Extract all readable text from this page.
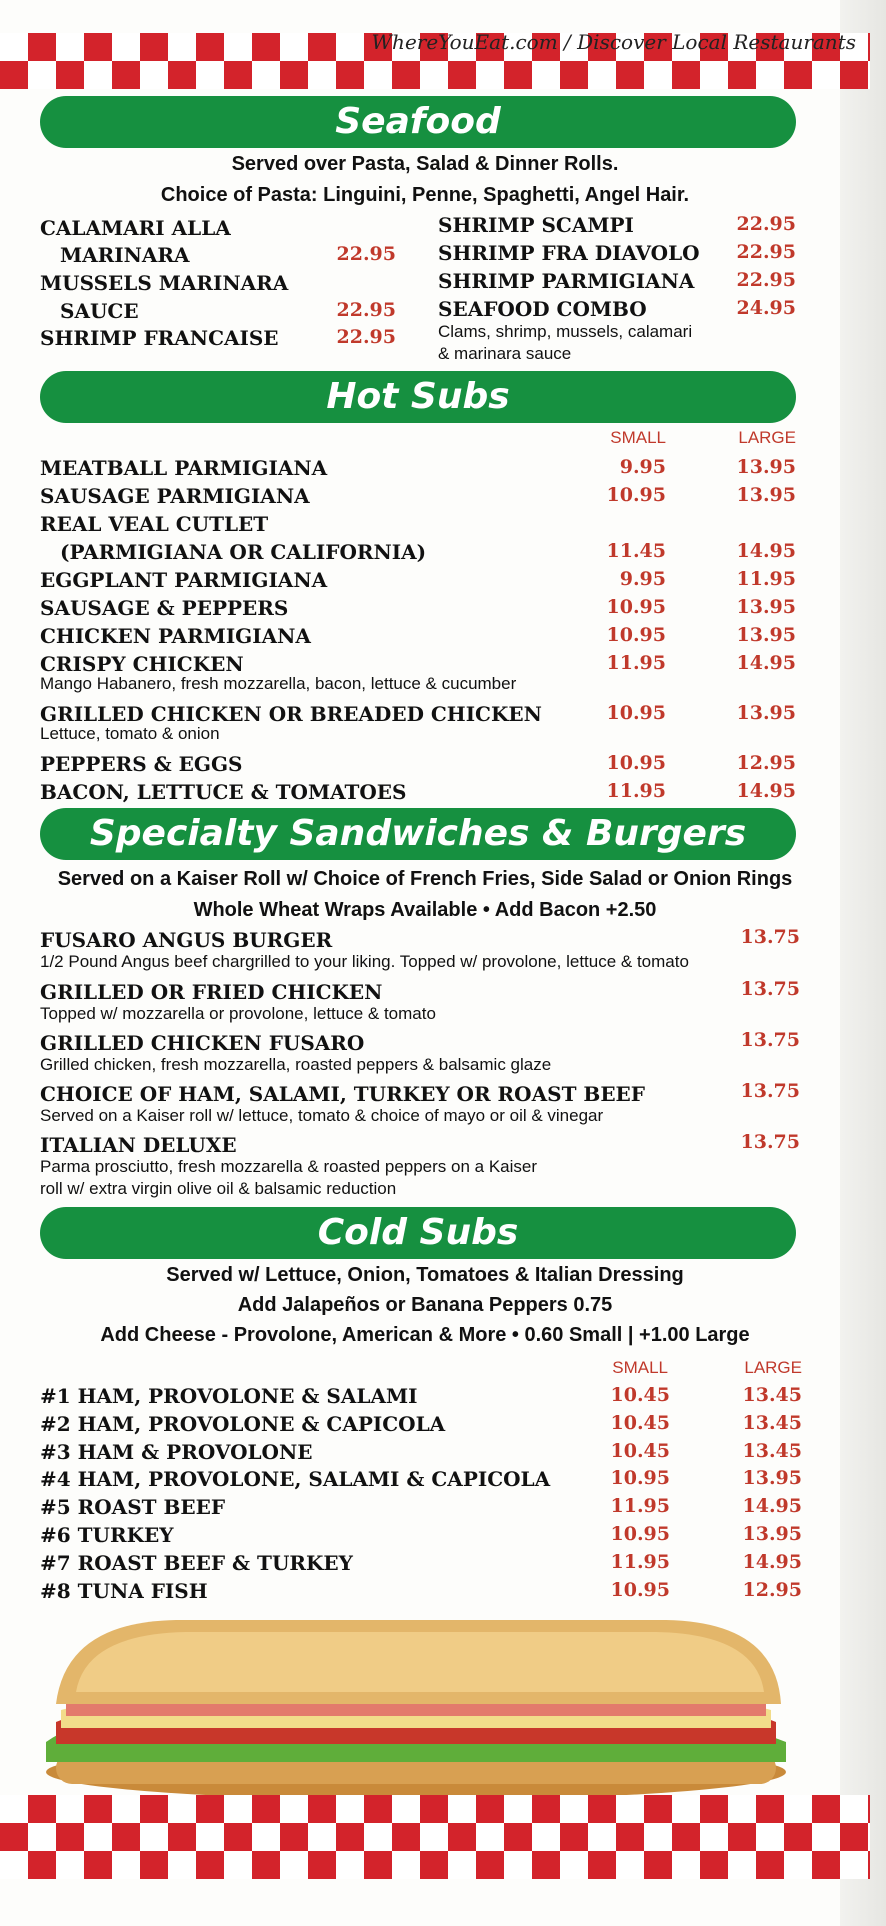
WhereYouEat.com / Discover Local Restaurants
Seafood
Served over Pasta, Salad & Dinner Rolls.
Choice of Pasta: Linguini, Penne, Spaghetti, Angel Hair.
CALAMARI ALLA
MARINARA	22.95
MUSSELS MARINARA
SAUCE	22.95
SHRIMP FRANCAISE	22.95
SHRIMP SCAMPI	22.95
SHRIMP FRA DIAVOLO	22.95
SHRIMP PARMIGIANA	22.95
SEAFOOD COMBO	24.95
Clams, shrimp, mussels, calamari
& marinara sauce
Hot Subs
SMALL	LARGE
MEATBALL PARMIGIANA	9.95	13.95
SAUSAGE PARMIGIANA	10.95	13.95
REAL VEAL CUTLET
(PARMIGIANA OR CALIFORNIA)	11.45	14.95
EGGPLANT PARMIGIANA	9.95	11.95
SAUSAGE & PEPPERS	10.95	13.95
CHICKEN PARMIGIANA	10.95	13.95
CRISPY CHICKEN
Mango Habanero, fresh mozzarella, bacon, lettuce & cucumber
11.95	14.95
GRILLED CHICKEN OR BREADED CHICKEN
Lettuce, tomato & onion
10.95	13.95
PEPPERS & EGGS	10.95	12.95
BACON, LETTUCE & TOMATOES	11.95	14.95
Specialty Sandwiches & Burgers
Served on a Kaiser Roll w/ Choice of French Fries, Side Salad or Onion Rings
Whole Wheat Wraps Available • Add Bacon +2.50
FUSARO ANGUS BURGER
1/2 Pound Angus beef chargrilled to your liking. Topped w/ provolone, lettuce & tomato
13.75
GRILLED OR FRIED CHICKEN
Topped w/ mozzarella or provolone, lettuce & tomato
13.75
GRILLED CHICKEN FUSARO
Grilled chicken, fresh mozzarella, roasted peppers & balsamic glaze
13.75
CHOICE OF HAM, SALAMI, TURKEY OR ROAST BEEF
Served on a Kaiser roll w/ lettuce, tomato & choice of mayo or oil & vinegar
13.75
ITALIAN DELUXE
Parma prosciutto, fresh mozzarella & roasted peppers on a Kaiser
roll w/ extra virgin olive oil & balsamic reduction
13.75
Cold Subs
Served w/ Lettuce, Onion, Tomatoes & Italian Dressing
Add Jalapeños or Banana Peppers 0.75
Add Cheese - Provolone, American & More • 0.60 Small | +1.00 Large
SMALL	LARGE
#1 HAM, PROVOLONE & SALAMI	10.45	13.45
#2 HAM, PROVOLONE & CAPICOLA	10.45	13.45
#3 HAM & PROVOLONE	10.45	13.45
#4 HAM, PROVOLONE, SALAMI & CAPICOLA	10.95	13.95
#5 ROAST BEEF	11.95	14.95
#6 TURKEY	10.95	13.95
#7 ROAST BEEF & TURKEY	11.95	14.95
#8 TUNA FISH	10.95	12.95
